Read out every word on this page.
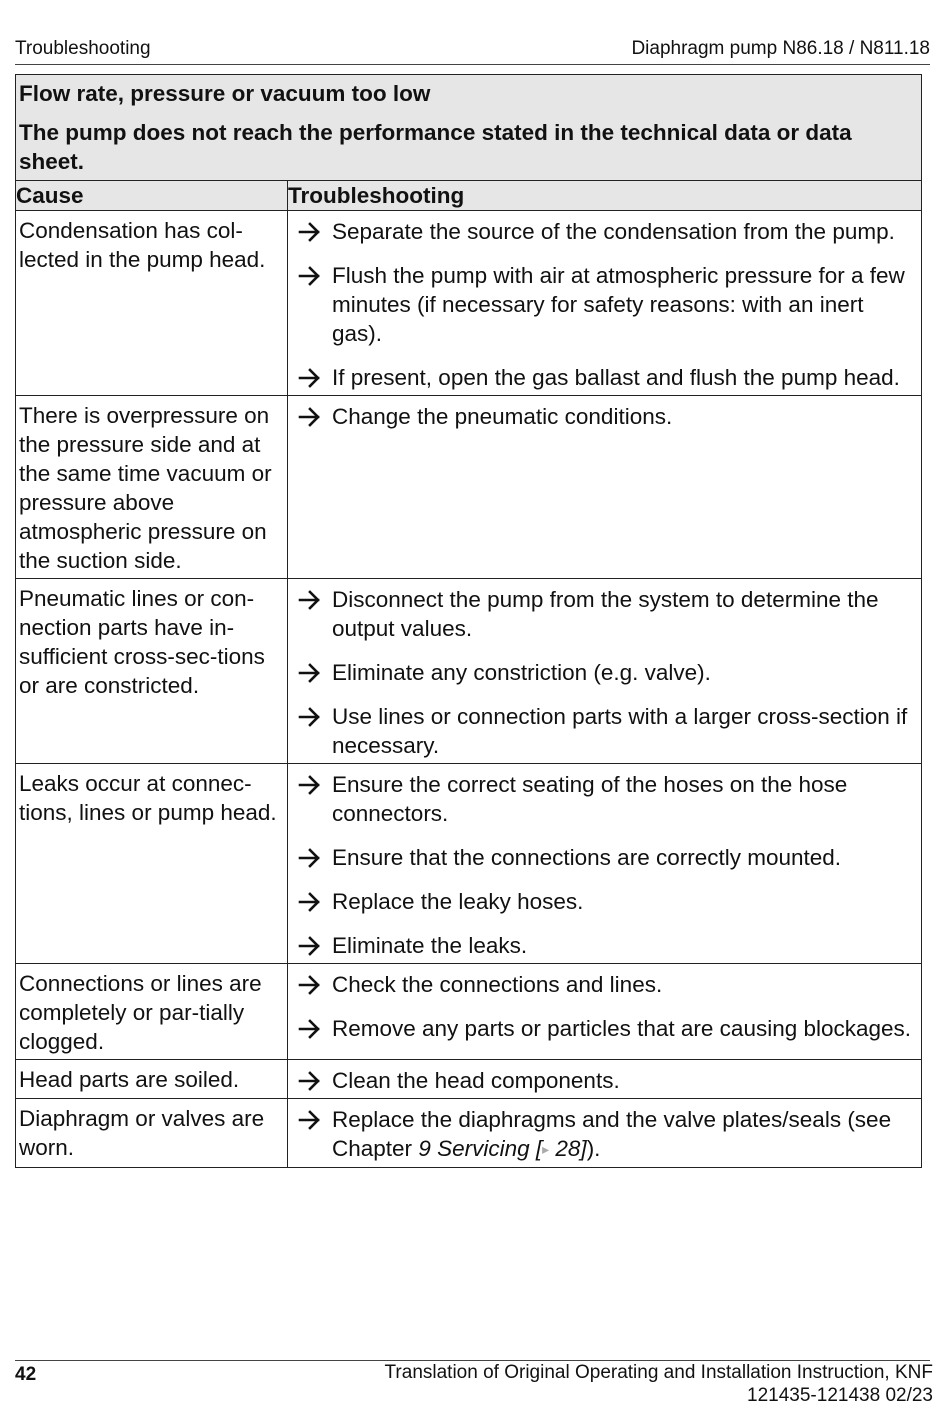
Troubleshooting	Diaphragm pump N86.18 / N811.18

Flow rate, pressure or vacuum too low

The pump does not reach the performance stated in the technical data or data sheet.	

Cause	Troubleshooting
Condensation has col-lected in the pump head.	Separate the source of the condensation from the pump.
Flush the pump with air at atmospheric pressure for a few minutes (if necessary for safety reasons: with an inert gas).
If present, open the gas ballast and flush the pump head.

There is overpressure on the pressure side and at the same time vacuum or pressure above atmospheric pressure on the suction side.	Change the pneumatic conditions.

Pneumatic lines or con-nection parts have in-sufficient cross-sec-tions or are constricted.	Disconnect the pump from the system to determine the output values.
Eliminate any constriction (e.g. valve).
Use lines or connection parts with a larger cross-section if necessary.

Leaks occur at connec-tions, lines or pump head.	Ensure the correct seating of the hoses on the hose connectors.
Ensure that the connections are correctly mounted.
Replace the leaky hoses.
Eliminate the leaks.

Connections or lines are completely or par-tially clogged.	Check the connections and lines.
Remove any parts or particles that are causing blockages.

Head parts are soiled.	Clean the head components.

Diaphragm or valves are worn.	Replace the diaphragms and the valve plates/seals (see Chapter 9 Servicing [▸ 28]).
42	Translation of Original Operating and Installation Instruction, KNF
121435-121438 02/23
